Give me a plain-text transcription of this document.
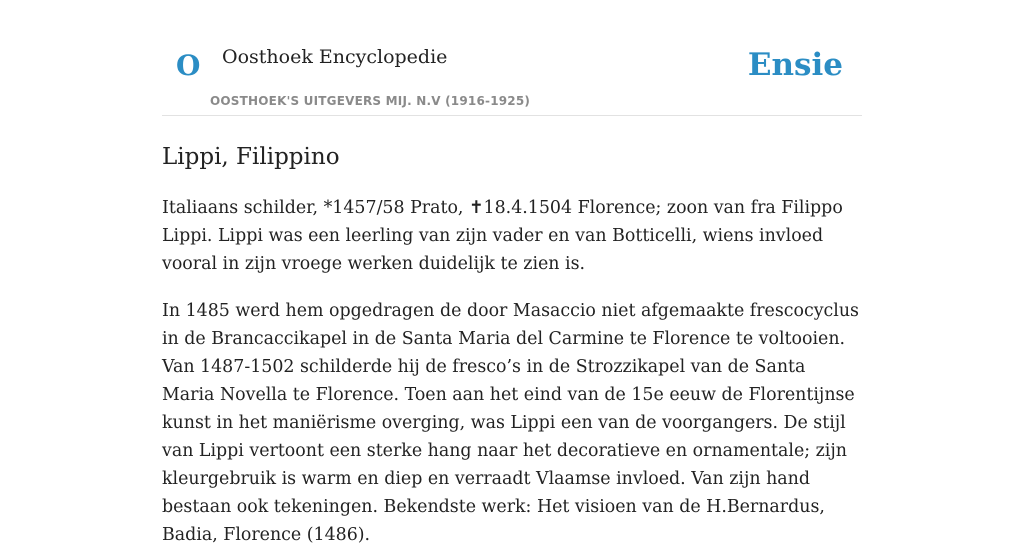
O Oosthoek Encyclopedie
OOSTHOEK'S UITGEVERS MIJ. N.V (1916-1925)
Ensie
Lippi, Filippino

Italiaans schilder, *1457/58 Prato, ✝18.4.1504 Florence; zoon van fra Filippo Lippi. Lippi was een leerling van zijn vader en van Botticelli, wiens invloed vooral in zijn vroege werken duidelijk te zien is.

In 1485 werd hem opgedragen de door Masaccio niet afgemaakte frescocyclus in de Brancaccikapel in de Santa Maria del Carmine te Florence te voltooien. Van 1487-1502 schilderde hij de fresco’s in de Strozzikapel van de Santa Maria Novella te Florence. Toen aan het eind van de 15e eeuw de Florentijnse kunst in het maniërisme overging, was Lippi een van de voorgangers. De stijl van Lippi vertoont een sterke hang naar het decoratieve en ornamentale; zijn kleurgebruik is warm en diep en verraadt Vlaamse invloed. Van zijn hand bestaan ook tekeningen. Bekendste werk: Het visioen van de H.Bernardus, Badia, Florence (1486).
